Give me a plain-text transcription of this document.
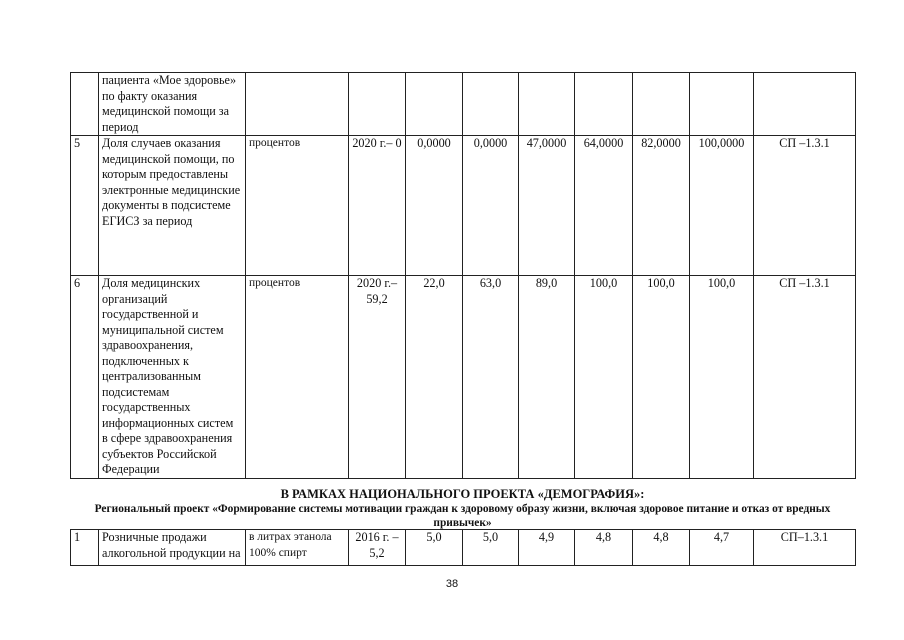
	пациента «Мое здоровье» по факту оказания медицинской помощи за период									
5	Доля случаев оказания медицинской помощи, по которым предоставлены электронные медицинские документы в подсистеме ЕГИСЗ за период	процентов	2020 г.– 0	0,0000	0,0000	47,0000	64,0000	82,0000	100,0000	СП –1.3.1
6	Доля медицинских организаций государственной и муниципальной систем здравоохранения, подключенных к централизованным подсистемам государственных информационных систем в сфере здравоохранения субъектов Российской Федерации	процентов	2020 г.– 59,2	22,0	63,0	89,0	100,0	100,0	100,0	СП –1.3.1

В РАМКАХ НАЦИОНАЛЬНОГО ПРОЕКТА «ДЕМОГРАФИЯ»:

Региональный проект «Формирование системы мотивации граждан к здоровому образу жизни, включая здоровое питание и отказ от вредных привычек»

1	Розничные продажи алкогольной продукции на	в литрах этанола 100% спирт	2016 г. – 5,2	5,0	5,0	4,9	4,8	4,8	4,7	СП–1.3.1
38
